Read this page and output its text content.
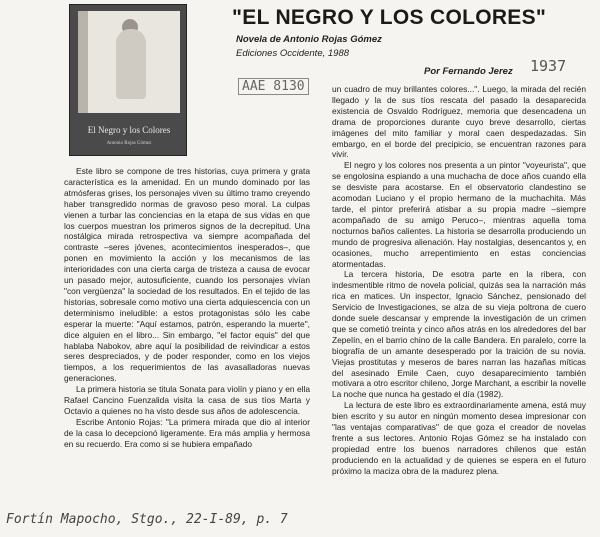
El Negro y los Colores
Antonio Rojas Gómez
"EL NEGRO Y LOS COLORES"
Novela de Antonio Rojas Gómez
Ediciones Occidente, 1988
Por Fernando Jerez 1937
AAE 8130
Fortín Mapocho, Stgo., 22-I-89, p. 7

Este libro se compone de tres historias, cuya primera y grata característica es la amenidad. En un mundo dominado por las atmósferas grises, los personajes viven su último tramo creyendo haber transgredido normas de gravoso peso moral. La culpas vienen a turbar las conciencias en la etapa de sus vidas en que los cuerpos muestran los primeros signos de la decrepitud. Una nostálgica mirada retrospectiva va siempre acompañada del contraste –seres jóvenes, acontecimientos inesperados–, que ponen en movimiento la acción y los mecanismos de las interioridades con una cierta carga de tristeza a causa de evocar un pasado mejor, autosuficiente, cuando los personajes vivían "con vergüenza" la sociedad de los resultados. En el tejido de las historias, sobresale como motivo una cierta adquiescencia con un determinismo ineludible: a estos protagonistas sólo les cabe esperar la muerte: "Aquí estamos, patrón, esperando la muerte", dice alguien en el libro... Sin embargo, "el factor equis" del que hablaba Nabokov, abre aquí la posibilidad de reivindicar a estos seres despreciados, y de poder responder, como en los viejos tiempos, a los requerimientos de las avasalladoras nuevas generaciones.

La primera historia se titula Sonata para violín y piano y en ella Rafael Cancino Fuenzalida visita la casa de sus tíos Marta y Octavio a quienes no ha visto desde sus años de adolescencia.

Escribe Antonio Rojas: "La primera mirada que dio al interior de la casa lo decepcionó ligeramente. Era más amplia y hermosa en su recuerdo. Era como si se hubiera empañado

un cuadro de muy brillantes colores...". Luego, la mirada del recién llegado y la de sus tíos rescata del pasado la desaparecida existencia de Osvaldo Rodríguez, memoria que desencadena un drama de proporciones durante cuyo breve desarrollo, ciertas imágenes del mito familiar y moral caen despedazadas. Sin embargo, en el borde del precipicio, se encuentran razones para vivir.

El negro y los colores nos presenta a un pintor "voyeurista", que se engolosina espiando a una muchacha de doce años cuando ella se desviste para acostarse. En el observatorio clandestino se acomodan Luciano y el propio hermano de la muchachita. Más tarde, el pintor preferirá atisbar a su propia madre –siempre acompañado de su amigo Peruco–, mientras aquella toma nocturnos baños calientes. La historia se desarrolla produciendo un mundo de progresiva alienación. Hay nostalgias, desencantos y, en ocasiones, mucho arrepentimiento en estas conciencias atormentadas.

La tercera historia, De esotra parte en la ribera, con indesmentible ritmo de novela policial, quizás sea la narración más rica en matices. Un inspector, Ignacio Sánchez, pensionado del Servicio de Investigaciones, se alza de su vieja poltrona de cuero donde suele descansar y emprende la investigación de un crimen que se cometió treinta y cinco años atrás en los alrededores del bar Zepelín, en el barrio chino de la calle Bandera. En paralelo, corre la biografía de un amante desesperado por la traición de su novia. Viejas prostitutas y meseros de bares narran las hazañas míticas del asesinado Emile Caen, cuyo desaparecimiento también motivara a otro escritor chileno, Jorge Marchant, a escribir la novelle La noche que nunca ha gestado el día (1982).

La lectura de este libro es extraordinariamente amena, está muy bien escrito y su autor en ningún momento desea impresionar con "las ventajas comparativas" de que goza el creador de novelas frente a sus lectores. Antonio Rojas Gómez se ha instalado con propiedad entre los buenos narradores chilenos que están produciendo en la actualidad y de quienes se espera en el futuro próximo la maciza obra de la madurez plena.
